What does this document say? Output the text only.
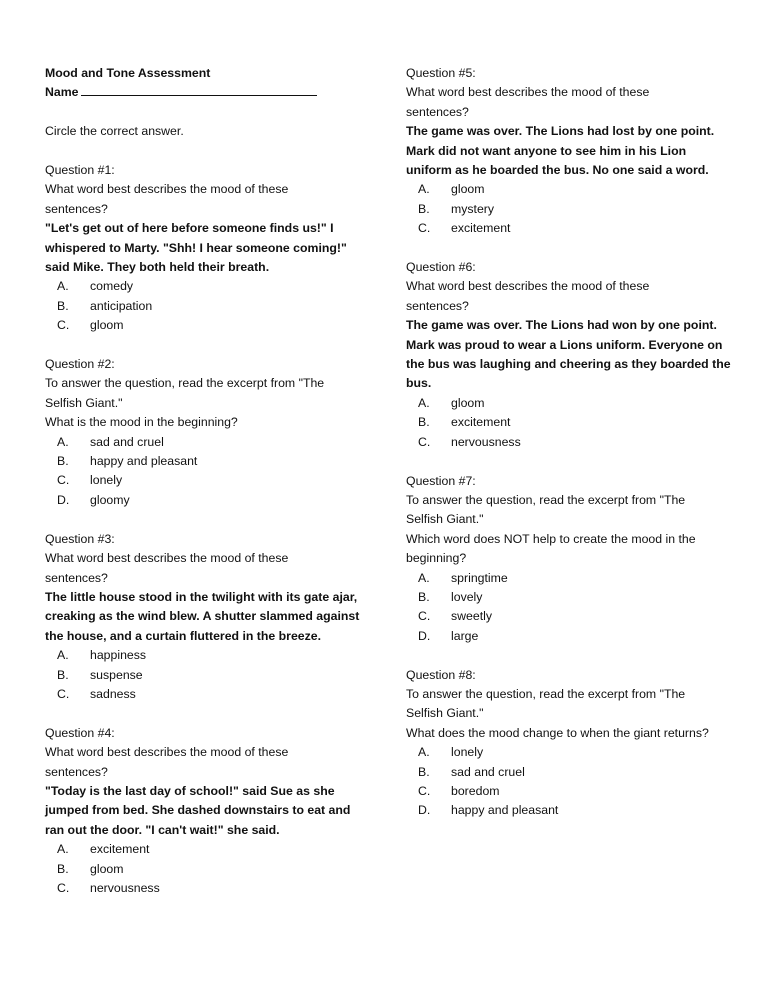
Mood and Tone Assessment
Name
Circle the correct answer.
Question #1:
What word best describes the mood of these
sentences?
"Let's get out of here before someone finds us!" I
whispered to Marty. "Shh! I hear someone coming!"
said Mike. They both held their breath.
A.	comedy
B.	anticipation
C.	gloom
Question #2:
To answer the question, read the excerpt from "The
Selfish Giant."
What is the mood in the beginning?
A.	sad and cruel
B.	happy and pleasant
C.	lonely
D.	gloomy
Question #3:
What word best describes the mood of these
sentences?
The little house stood in the twilight with its gate ajar,
creaking as the wind blew. A shutter slammed against
the house, and a curtain fluttered in the breeze.
A.	happiness
B.	suspense
C.	sadness
Question #4:
What word best describes the mood of these
sentences?
"Today is the last day of school!" said Sue as she
jumped from bed. She dashed downstairs to eat and
ran out the door. "I can't wait!" she said.
A.	excitement
B.	gloom
C.	nervousness
Question #5:
What word best describes the mood of these
sentences?
The game was over. The Lions had lost by one point.
Mark did not want anyone to see him in his Lion
uniform as he boarded the bus. No one said a word.
A.	gloom
B.	mystery
C.	excitement
Question #6:
What word best describes the mood of these
sentences?
The game was over. The Lions had won by one point.
Mark was proud to wear a Lions uniform. Everyone on
the bus was laughing and cheering as they boarded the
bus.
A.	gloom
B.	excitement
C.	nervousness
Question #7:
To answer the question, read the excerpt from "The
Selfish Giant."
Which word does NOT help to create the mood in the
beginning?
A.	springtime
B.	lovely
C.	sweetly
D.	large
Question #8:
To answer the question, read the excerpt from "The
Selfish Giant."
What does the mood change to when the giant returns?
A.	lonely
B.	sad and cruel
C.	boredom
D.	happy and pleasant
